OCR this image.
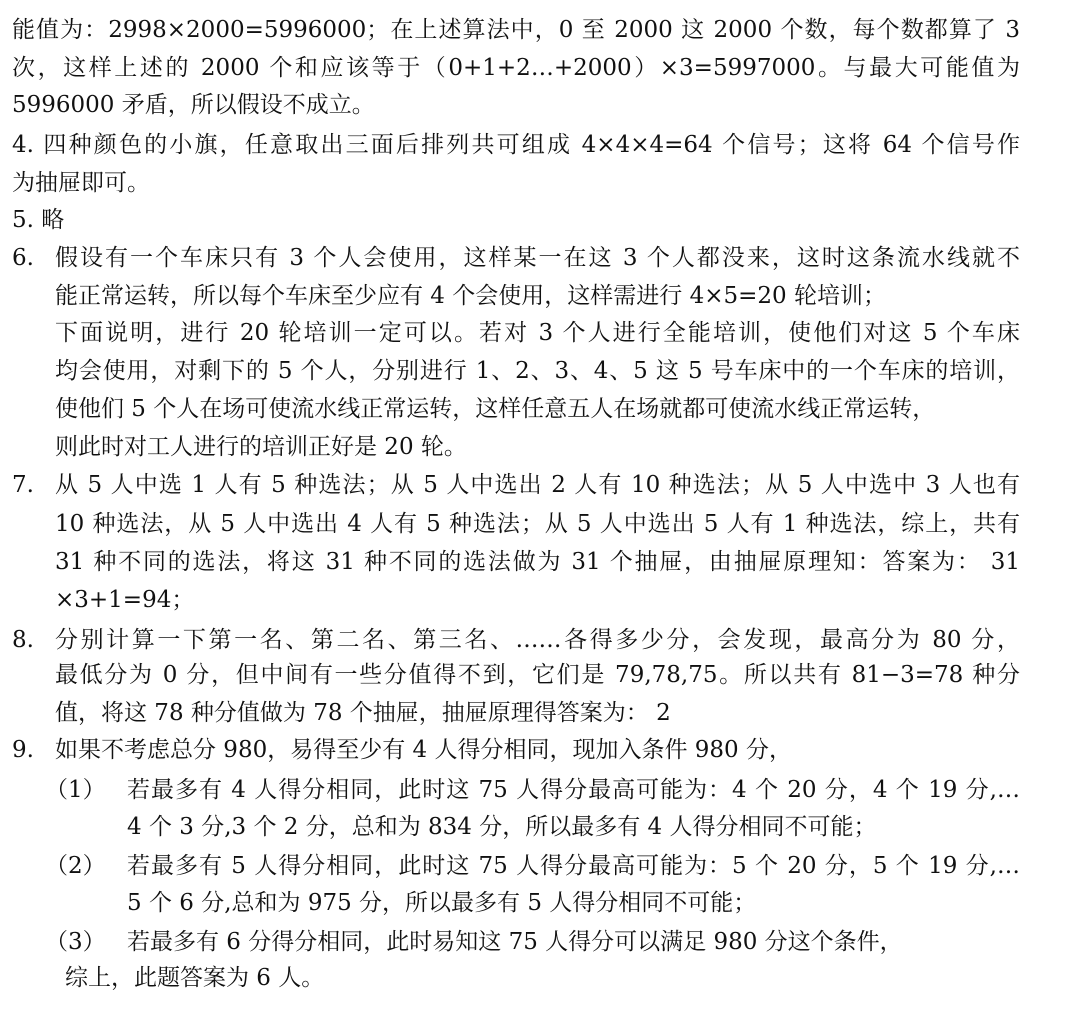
能值为：2998×2000=5996000；在上述算法中，0 至 2000 这 2000 个数，每个数都算了 3
次，这样上述的 2000 个和应该等于（0+1+2…+2000）×3=5997000。与最大可能值为
5996000 矛盾，所以假设不成立。
4. 四种颜色的小旗，任意取出三面后排列共可组成 4×4×4=64 个信号；这将 64 个信号作
为抽屉即可。
5. 略
6. 假设有一个车床只有 3 个人会使用，这样某一在这 3 个人都没来，这时这条流水线就不
能正常运转，所以每个车床至少应有 4 个会使用，这样需进行 4×5=20 轮培训；
下面说明，进行 20 轮培训一定可以。若对 3 个人进行全能培训，使他们对这 5 个车床
均会使用，对剩下的 5 个人，分别进行 1、2、3、4、5 这 5 号车床中的一个车床的培训，
使他们 5 个人在场可使流水线正常运转，这样任意五人在场就都可使流水线正常运转，
则此时对工人进行的培训正好是 20 轮。
7. 从 5 人中选 1 人有 5 种选法；从 5 人中选出 2 人有 10 种选法；从 5 人中选中 3 人也有
10 种选法，从 5 人中选出 4 人有 5 种选法；从 5 人中选出 5 人有 1 种选法，综上，共有
31 种不同的选法，将这 31 种不同的选法做为 31 个抽屉，由抽屉原理知：答案为： 31
×3+1=94；
8. 分别计算一下第一名、第二名、第三名、……各得多少分，会发现，最高分为 80 分，
最低分为 0 分，但中间有一些分值得不到，它们是 79,78,75。所以共有 81−3=78 种分
值，将这 78 种分值做为 78 个抽屉，抽屉原理得答案为： 2
9. 如果不考虑总分 980，易得至少有 4 人得分相同，现加入条件 980 分，
（1） 若最多有 4 人得分相同，此时这 75 人得分最高可能为：4 个 20 分，4 个 19 分,…
4 个 3 分,3 个 2 分，总和为 834 分，所以最多有 4 人得分相同不可能；
（2） 若最多有 5 人得分相同，此时这 75 人得分最高可能为：5 个 20 分，5 个 19 分,…
5 个 6 分,总和为 975 分，所以最多有 5 人得分相同不可能；
（3） 若最多有 6 分得分相同，此时易知这 75 人得分可以满足 980 分这个条件，
综上，此题答案为 6 人。
